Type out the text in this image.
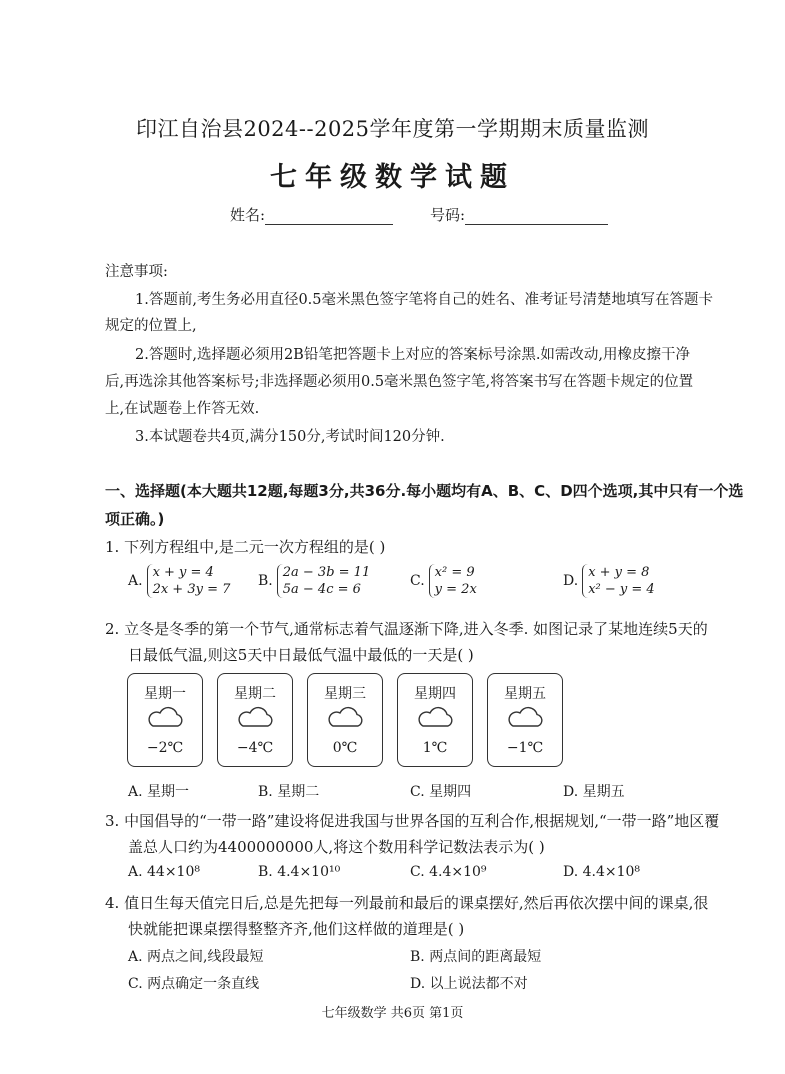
印江自治县2024--2025学年度第一学期期末质量监测
七年级数学试题
姓名:	号码:
注意事项:
1.答题前,考生务必用直径0.5毫米黑色签字笔将自己的姓名、准考证号清楚地填写在答题卡
规定的位置上,
2.答题时,选择题必须用2B铅笔把答题卡上对应的答案标号涂黑.如需改动,用橡皮擦干净
后,再选涂其他答案标号;非选择题必须用0.5毫米黑色签字笔,将答案书写在答题卡规定的位置
上,在试题卷上作答无效.
3.本试题卷共4页,满分150分,考试时间120分钟.
一、选择题(本大题共12题,每题3分,共36分.每小题均有A、B、C、D四个选项,其中只有一个选
项正确。)
1. 下列方程组中,是二元一次方程组的是( )
A.x + y = 4
2x + 3y = 7
B.2a − 3b = 11
5a − 4c = 6
C.x² = 9
y = 2x
D.x + y = 8
x² − y = 4
2. 立冬是冬季的第一个节气,通常标志着气温逐渐下降,进入冬季. 如图记录了某地连续5天的
日最低气温,则这5天中日最低气温中最低的一天是( )
星期一
−2℃
星期二
−4℃
星期三
0℃
星期四
1℃
星期五
−1℃
A. 星期一	B. 星期二	C. 星期四	D. 星期五
3. 中国倡导的“一带一路”建设将促进我国与世界各国的互利合作,根据规划,“一带一路”地区覆
盖总人口约为4400000000人,将这个数用科学记数法表示为( )
A. 44×10⁸	B. 4.4×10¹⁰	C. 4.4×10⁹	D. 4.4×10⁸
4. 值日生每天值完日后,总是先把每一列最前和最后的课桌摆好,然后再依次摆中间的课桌,很
快就能把课桌摆得整整齐齐,他们这样做的道理是( )
A. 两点之间,线段最短	B. 两点间的距离最短
C. 两点确定一条直线	D. 以上说法都不对
七年级数学 共6页 第1页
